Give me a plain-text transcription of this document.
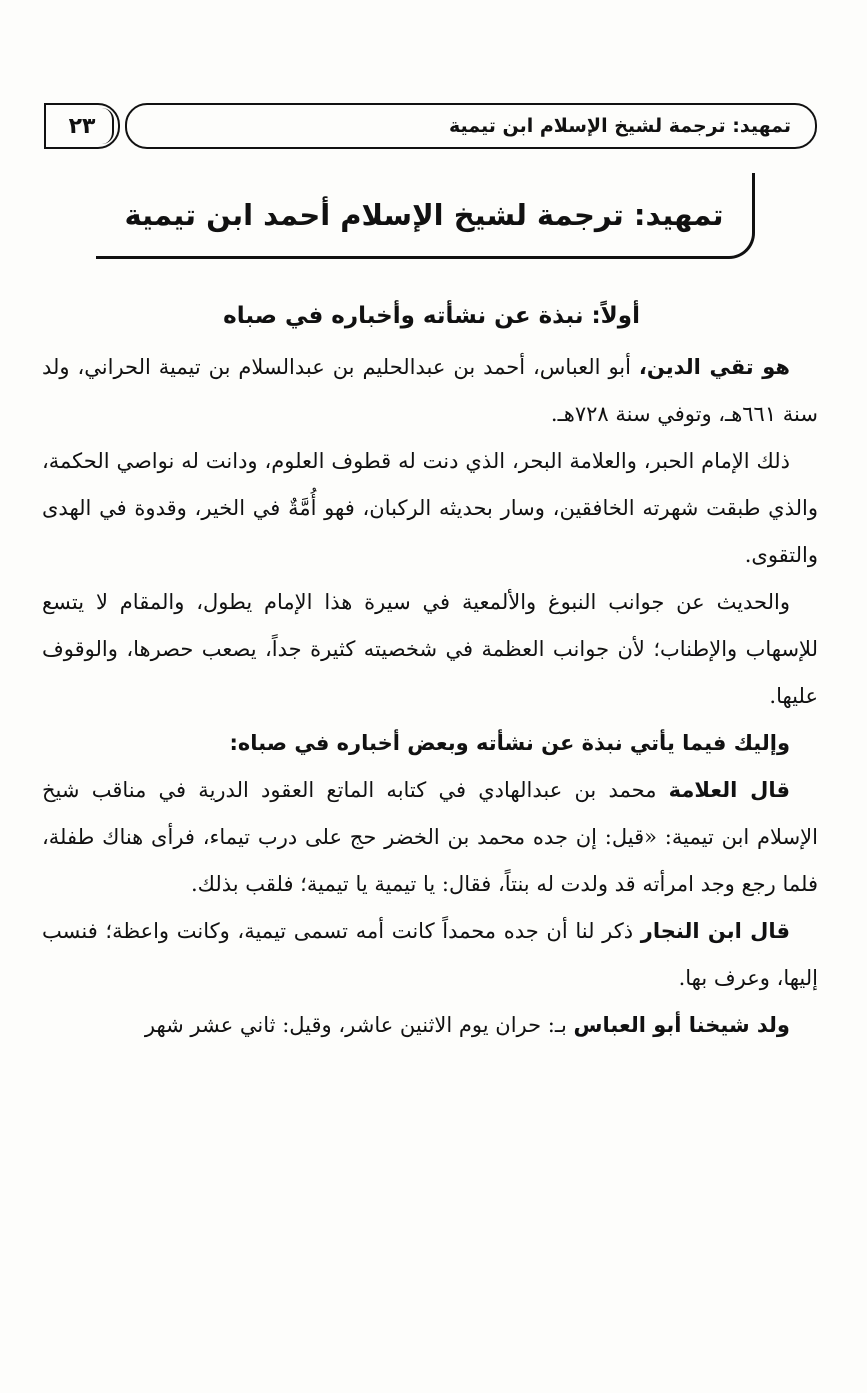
تمهيد: ترجمة لشيخ الإسلام ابن تيمية
٢٣
تمهيد: ترجمة لشيخ الإسلام أحمد ابن تيمية
أولاً: نبذة عن نشأته وأخباره في صباه

هو تقي الدين، أبو العباس، أحمد بن عبدالحليم بن عبدالسلام بن تيمية الحراني، ولد سنة ٦٦١هـ، وتوفي سنة ٧٢٨هـ.

ذلك الإمام الحبر، والعلامة البحر، الذي دنت له قطوف العلوم، ودانت له نواصي الحكمة، والذي طبقت شهرته الخافقين، وسار بحديثه الركبان، فهو أُمَّةٌ في الخير، وقدوة في الهدى والتقوى.

والحديث عن جوانب النبوغ والألمعية في سيرة هذا الإمام يطول، والمقام لا يتسع للإسهاب والإطناب؛ لأن جوانب العظمة في شخصيته كثيرة جداً، يصعب حصرها، والوقوف عليها.

وإليك فيما يأتي نبذة عن نشأته وبعض أخباره في صباه:

قال العلامة محمد بن عبدالهادي في كتابه الماتع العقود الدرية في مناقب شيخ الإسلام ابن تيمية: «قيل: إن جده محمد بن الخضر حج على درب تيماء، فرأى هناك طفلة، فلما رجع وجد امرأته قد ولدت له بنتاً، فقال: يا تيمية يا تيمية؛ فلقب بذلك.

قال ابن النجار ذكر لنا أن جده محمداً كانت أمه تسمى تيمية، وكانت واعظة؛ فنسب إليها، وعرف بها.

ولد شيخنا أبو العباس بـ: حران يوم الاثنين عاشر، وقيل: ثاني عشر شهر
